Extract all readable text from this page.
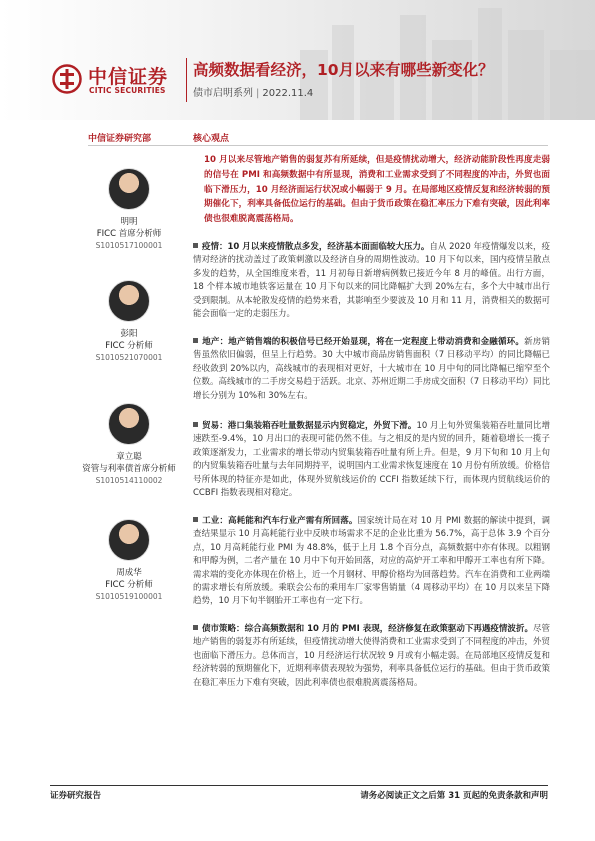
中信证券
CITIC SECURITIES
高频数据看经济，10月以来有哪些新变化？
债市启明系列 | 2022.11.4
中信证券研究部
明明
FICC 首席分析师
S1010517100001
彭阳
FICC 分析师
S1010521070001
章立聪
资管与利率债首席分析师
S1010514110002
周成华
FICC 分析师
S1010519100001
核心观点
10 月以来尽管地产销售的弱复苏有所延续，但是疫情扰动增大，经济动能阶段性再度走弱的信号在 PMI 和高频数据中有所显现，消费和工业需求受到了不同程度的冲击，外贸也面临下滑压力，10 月经济面运行状况或小幅弱于 9 月。在局部地区疫情反复和经济转弱的预期催化下，利率具备低位运行的基础。但由于货币政策在稳汇率压力下难有突破，因此利率债也很难脱离震荡格局。
疫情：10 月以来疫情散点多发，经济基本面面临较大压力。自从 2020 年疫情爆发以来，疫情对经济的扰动盖过了政策刺激以及经济自身的周期性波动。10 月下旬以来，国内疫情呈散点多发的趋势，从全国维度来看，11 月初每日新增病例数已接近今年 8 月的峰值。出行方面，18 个样本城市地铁客运量在 10 月下旬以来的同比降幅扩大到 20%左右，多个大中城市出行受到限制。从本轮散发疫情的趋势来看，其影响至少要波及 10 月和 11 月，消费相关的数据可能会面临一定的走弱压力。
地产：地产销售端的积极信号已经开始显现，将在一定程度上带动消费和金融循环。新房销售虽然依旧偏弱，但呈上行趋势。30 大中城市商品房销售面积（7 日移动平均）的同比降幅已经收敛到 20%以内，高线城市的表现相对更好，十大城市在 10 月中旬的同比降幅已缩窄至个位数。高线城市的二手房交易趋于活跃。北京、苏州近期二手房成交面积（7 日移动平均）同比增长分别为 10%和 30%左右。
贸易：港口集装箱吞吐量数据显示内贸稳定，外贸下滑。10 月上旬外贸集装箱吞吐量同比增速跌至-9.4%，10 月出口的表现可能仍然不佳。与之相反的是内贸的回升，随着稳增长一揽子政策逐渐发力，工业需求的增长带动内贸集装箱吞吐量有所上升。但是，9 月下旬和 10 月上旬的内贸集装箱吞吐量与去年同期持平，说明国内工业需求恢复速度在 10 月份有所放缓。价格信号所体现的特征亦是如此，体现外贸航线运价的 CCFI 指数延续下行，而体现内贸航线运价的 CCBFI 指数表现相对稳定。
工业：高耗能和汽车行业产需有所回落。国家统计局在对 10 月 PMI 数据的解读中提到，调查结果显示 10 月高耗能行业中反映市场需求不足的企业比重为 56.7%，高于总体 3.9 个百分点，10 月高耗能行业 PMI 为 48.8%，低于上月 1.8 个百分点，高频数据中亦有体现。以粗钢和甲醇为例，二者产量在 10 月中下旬开始回落，对应的高炉开工率和甲醇开工率也有所下降。需求端的变化亦体现在价格上，近一个月钢材、甲醇价格均为回落趋势。汽车在消费和工业两端的需求增长有所放缓。乘联会公布的乘用车厂家零售销量（4 周移动平均）在 10 月以来呈下降趋势，10 月下旬半钢胎开工率也有一定下行。
债市策略：综合高频数据和 10 月的 PMI 表现，经济修复在政策驱动下再遇疫情波折。尽管地产销售的弱复苏有所延续，但疫情扰动增大使得消费和工业需求受到了不同程度的冲击，外贸也面临下滑压力。总体而言，10 月经济运行状况较 9 月或有小幅走弱。在局部地区疫情反复和经济转弱的预期催化下，近期利率债表现较为强势，利率具备低位运行的基础。但由于货币政策在稳汇率压力下难有突破，因此利率债也很难脱离震荡格局。
证券研究报告	请务必阅读正文之后第 31 页起的免责条款和声明
